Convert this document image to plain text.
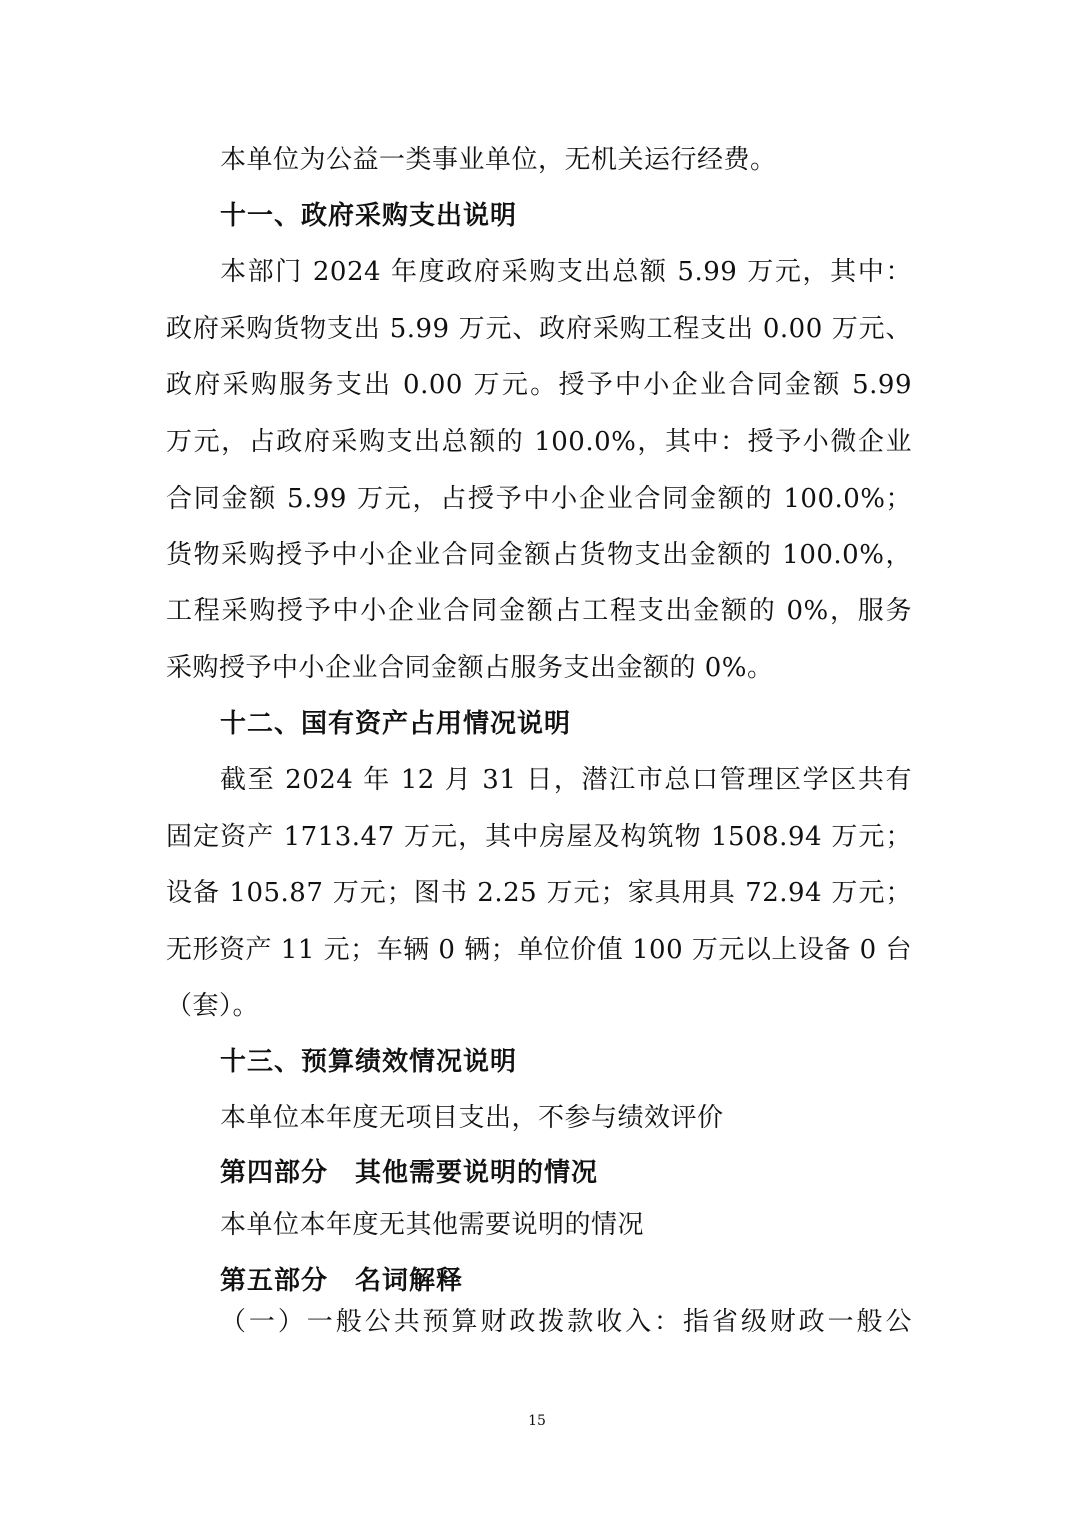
本单位为公益一类事业单位，无机关运行经费。
十一、政府采购支出说明
本部门 2024 年度政府采购支出总额 5.99 万元，其中：
政府采购货物支出 5.99 万元、政府采购工程支出 0.00 万元、
政府采购服务支出 0.00 万元。授予中小企业合同金额 5.99
万元，占政府采购支出总额的 100.0%，其中：授予小微企业
合同金额 5.99 万元，占授予中小企业合同金额的 100.0%；
货物采购授予中小企业合同金额占货物支出金额的 100.0%，
工程采购授予中小企业合同金额占工程支出金额的 0%，服务
采购授予中小企业合同金额占服务支出金额的 0%。
十二、国有资产占用情况说明
截至 2024 年 12 月 31 日，潜江市总口管理区学区共有
固定资产 1713.47 万元，其中房屋及构筑物 1508.94 万元；
设备 105.87 万元；图书 2.25 万元；家具用具 72.94 万元；
无形资产 11 元；车辆 0 辆；单位价值 100 万元以上设备 0 台
（套）。
十三、预算绩效情况说明
本单位本年度无项目支出，不参与绩效评价
第四部分　其他需要说明的情况
本单位本年度无其他需要说明的情况
第五部分　名词解释
（一）一般公共预算财政拨款收入：指省级财政一般公
15
